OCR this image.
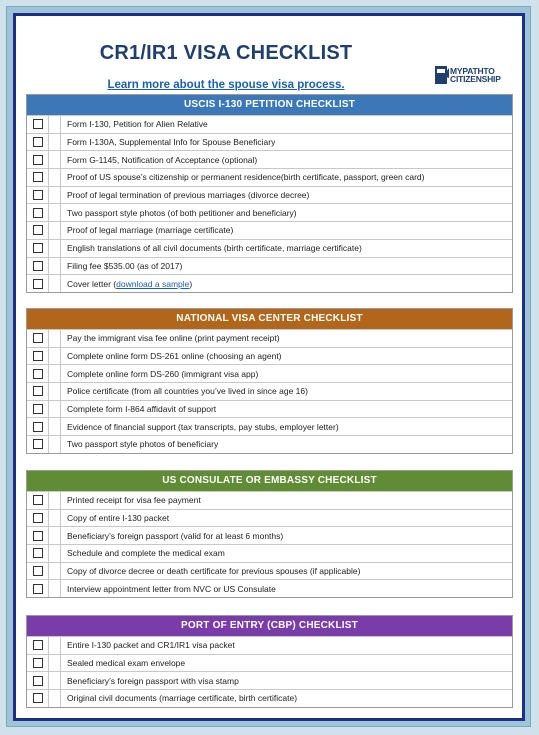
CR1/IR1 VISA CHECKLIST
Learn more about the spouse visa process.
MYPATHTO
CITIZENSHIP
USCIS I-130 PETITION CHECKLIST
Form I-130, Petition for Alien Relative
Form I-130A, Supplemental Info for Spouse Beneficiary
Form G-1145, Notification of Acceptance (optional)
Proof of US spouse’s citizenship or permanent residence(birth certificate, passport, green card)
Proof of legal termination of previous marriages (divorce decree)
Two passport style photos (of both petitioner and beneficiary)
Proof of legal marriage (marriage certificate)
English translations of all civil documents (birth certificate, marriage certificate)
Filing fee $535.00 (as of 2017)
Cover letter (download a sample)
NATIONAL VISA CENTER CHECKLIST
Pay the immigrant visa fee online (print payment receipt)
Complete online form DS-261 online (choosing an agent)
Complete online form DS-260 (immigrant visa app)
Police certificate (from all countries you’ve lived in since age 16)
Complete form I-864 affidavit of support
Evidence of financial support (tax transcripts, pay stubs, employer letter)
Two passport style photos of beneficiary
US CONSULATE OR EMBASSY CHECKLIST
Printed receipt for visa fee payment
Copy of entire I-130 packet
Beneficiary’s foreign passport (valid for at least 6 months)
Schedule and complete the medical exam
Copy of divorce decree or death certificate for previous spouses (if applicable)
Interview appointment letter from NVC or US Consulate
PORT OF ENTRY (CBP) CHECKLIST
Entire I-130 packet and CR1/IR1 visa packet
Sealed medical exam envelope
Beneficiary’s foreign passport with visa stamp
Original civil documents (marriage certificate, birth certificate)
